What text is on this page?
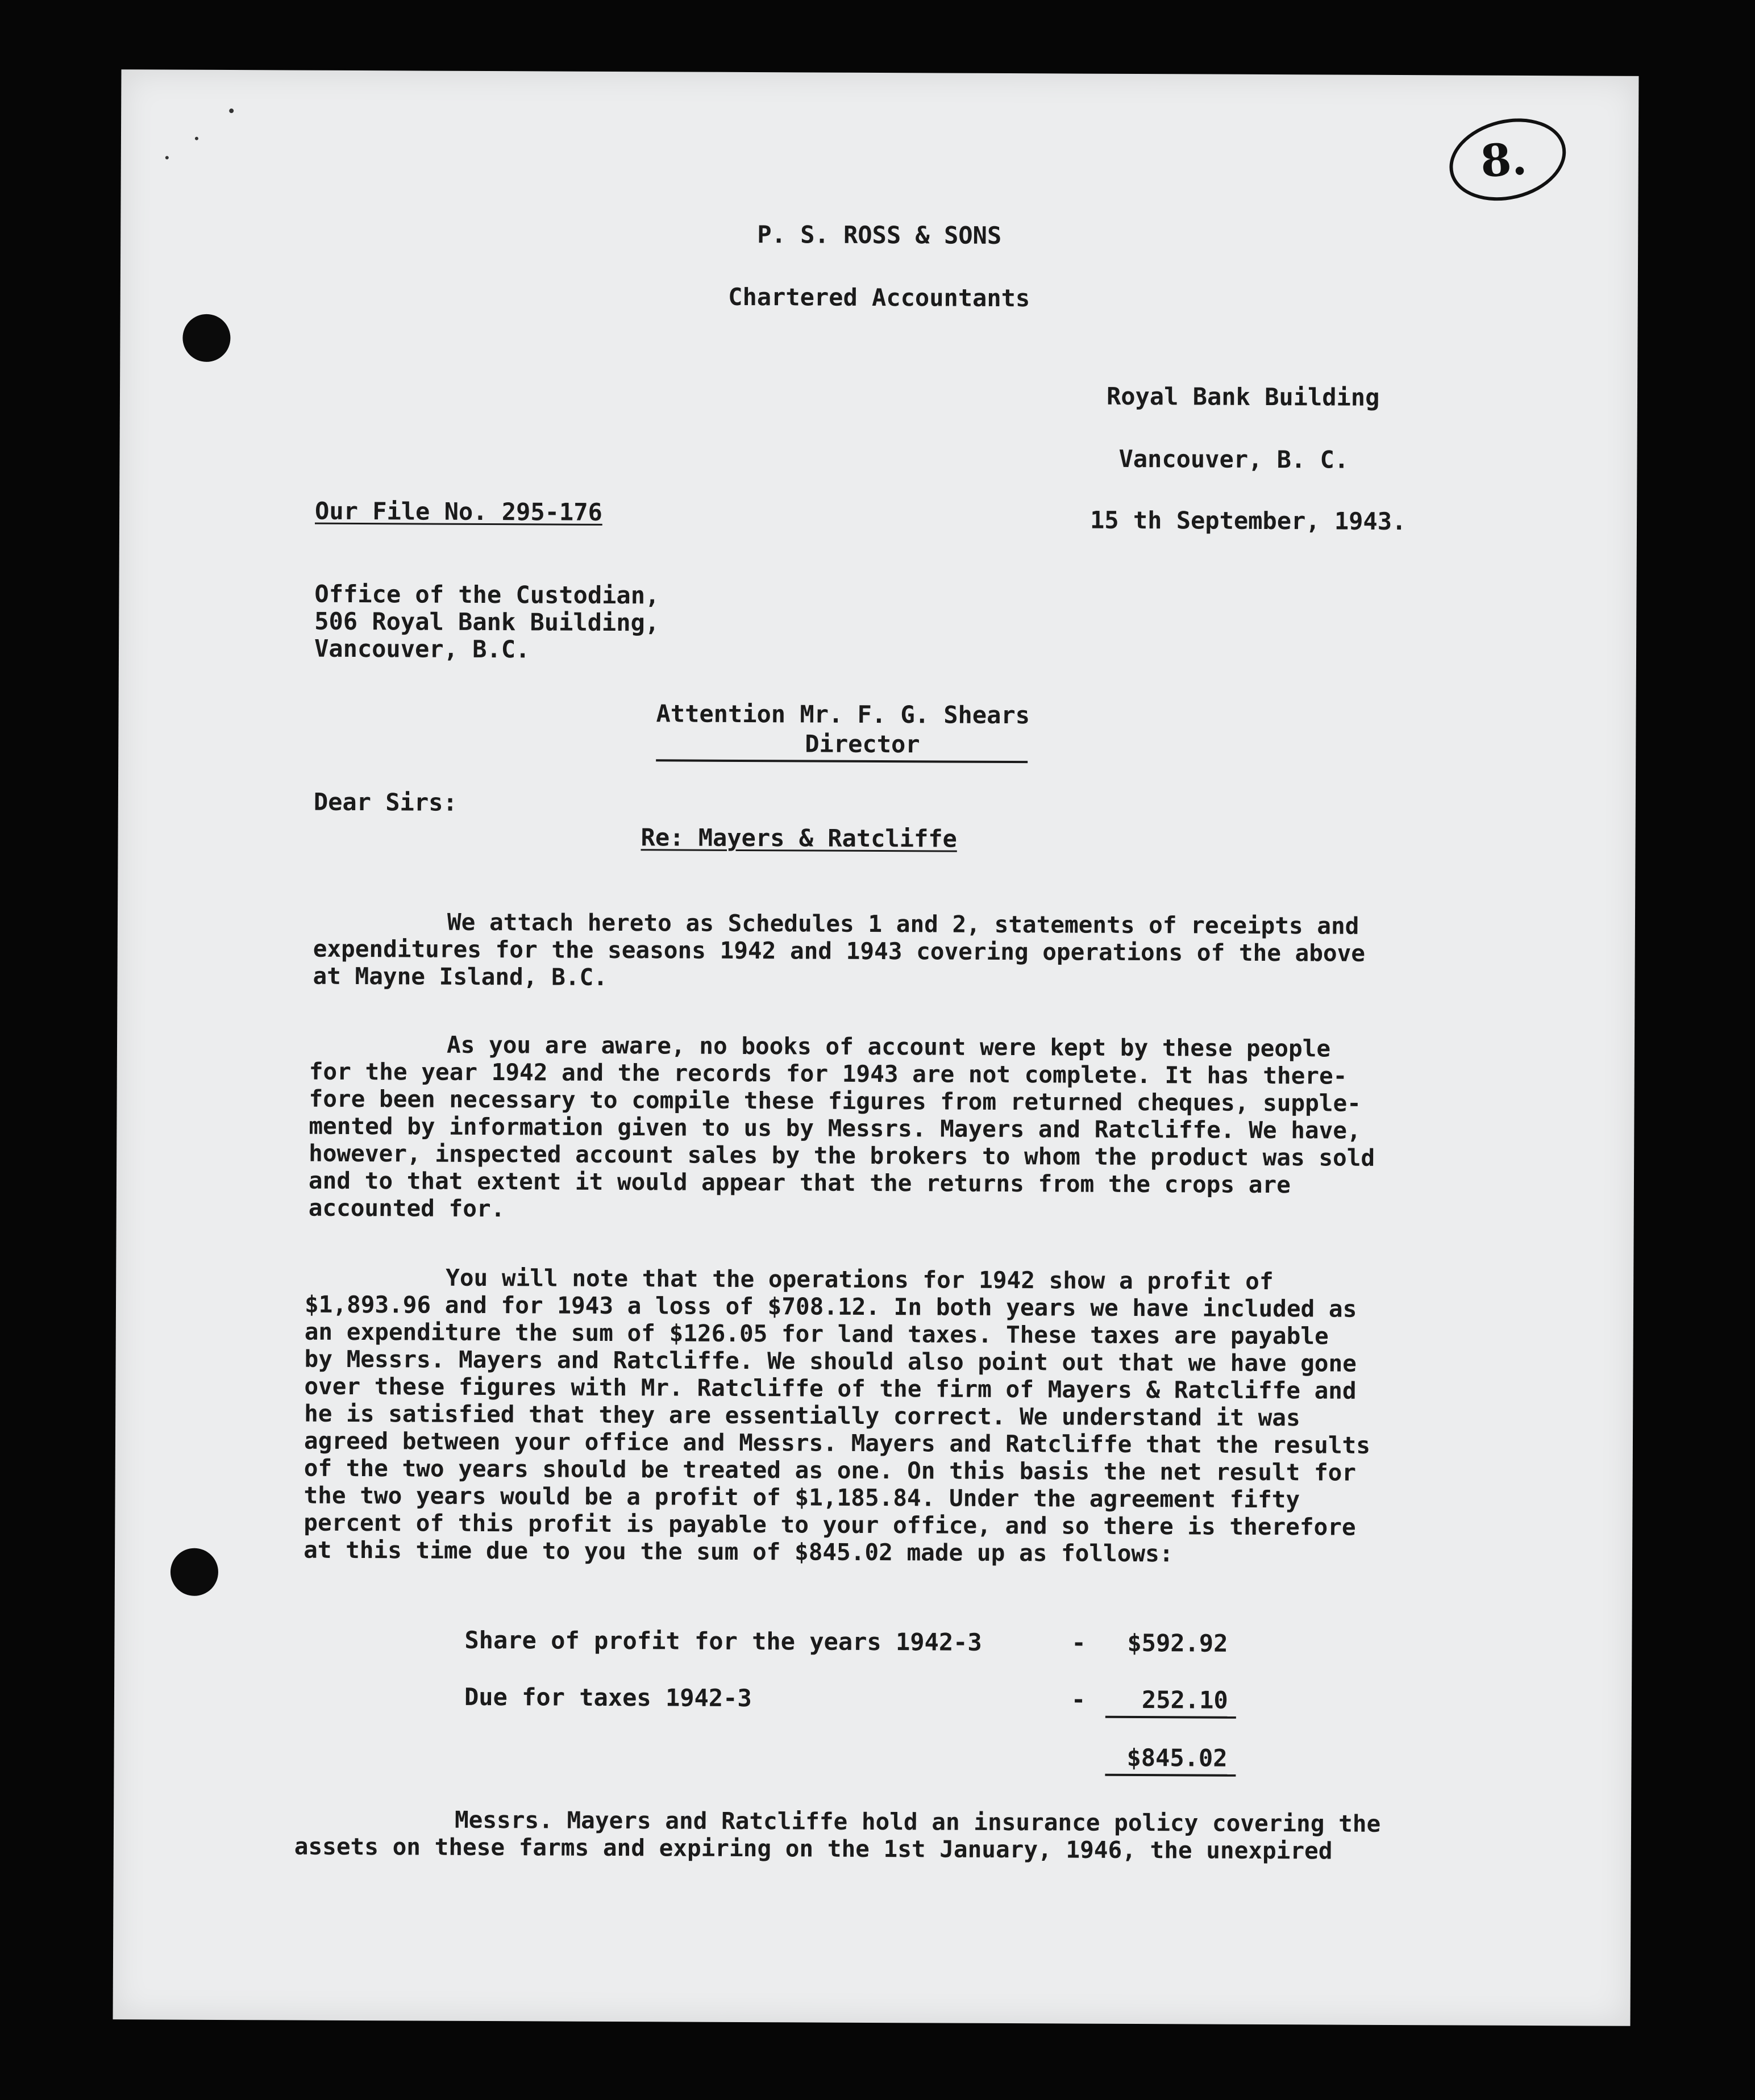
8.
P. S. ROSS & SONS
Chartered Accountants
Royal Bank Building
Vancouver, B. C.
Our File No. 295-176	15 th September, 1943.
Office of the Custodian,
506 Royal Bank Building,
Vancouver, B.C.
Attention Mr. F. G. Shears
Director
Dear Sirs:
Re: Mayers & Ratcliffe
We attach hereto as Schedules 1 and 2, statements of receipts and
expenditures for the seasons 1942 and 1943 covering operations of the above
at Mayne Island, B.C.
As you are aware, no books of account were kept by these people
for the year 1942 and the records for 1943 are not complete. It has there-
fore been necessary to compile these figures from returned cheques, supple-
mented by information given to us by Messrs. Mayers and Ratcliffe. We have,
however, inspected account sales by the brokers to whom the product was sold
and to that extent it would appear that the returns from the crops are
accounted for.
You will note that the operations for 1942 show a profit of
$1,893.96 and for 1943 a loss of $708.12. In both years we have included as
an expenditure the sum of $126.05 for land taxes. These taxes are payable
by Messrs. Mayers and Ratcliffe. We should also point out that we have gone
over these figures with Mr. Ratcliffe of the firm of Mayers & Ratcliffe and
he is satisfied that they are essentially correct. We understand it was
agreed between your office and Messrs. Mayers and Ratcliffe that the results
of the two years should be treated as one. On this basis the net result for
the two years would be a profit of $1,185.84. Under the agreement fifty
percent of this profit is payable to your office, and so there is therefore
at this time due to you the sum of $845.02 made up as follows:
Share of profit for the years 1942-3	- $592.92
Due for taxes 1942-3	- 252.10
$845.02
Messrs. Mayers and Ratcliffe hold an insurance policy covering the
assets on these farms and expiring on the 1st January, 1946, the unexpired
